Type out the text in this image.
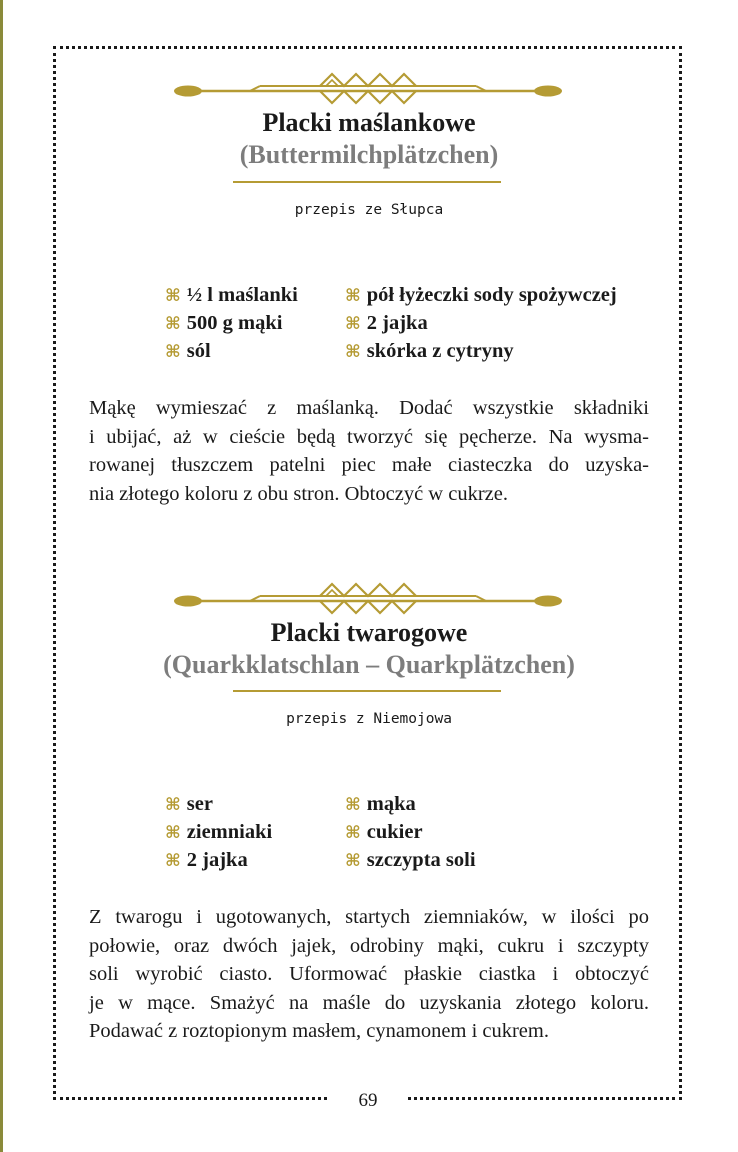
69
Placki maślankowe
(Buttermilchplätzchen)
przepis ze Słupca
⌘ ½ l maślanki
⌘ 500 g mąki
⌘ sól
⌘ pół łyżeczki sody spożywczej
⌘ 2 jajka
⌘ skórka z cytryny
Mąkę wymieszać z maślanką. Dodać wszystkie składniki
i ubijać, aż w cieście będą tworzyć się pęcherze. Na wysma-
rowanej tłuszczem patelni piec małe ciasteczka do uzyska-
nia złotego koloru z obu stron. Obtoczyć w cukrze.
Placki twarogowe
(Quarkklatschlan – Quarkplätzchen)
przepis z Niemojowa
⌘ ser
⌘ ziemniaki
⌘ 2 jajka
⌘ mąka
⌘ cukier
⌘ szczypta soli
Z twarogu i ugotowanych, startych ziemniaków, w ilości po
połowie, oraz dwóch jajek, odrobiny mąki, cukru i szczypty
soli wyrobić ciasto. Uformować płaskie ciastka i obtoczyć
je w mące. Smażyć na maśle do uzyskania złotego koloru.
Podawać z roztopionym masłem, cynamonem i cukrem.
